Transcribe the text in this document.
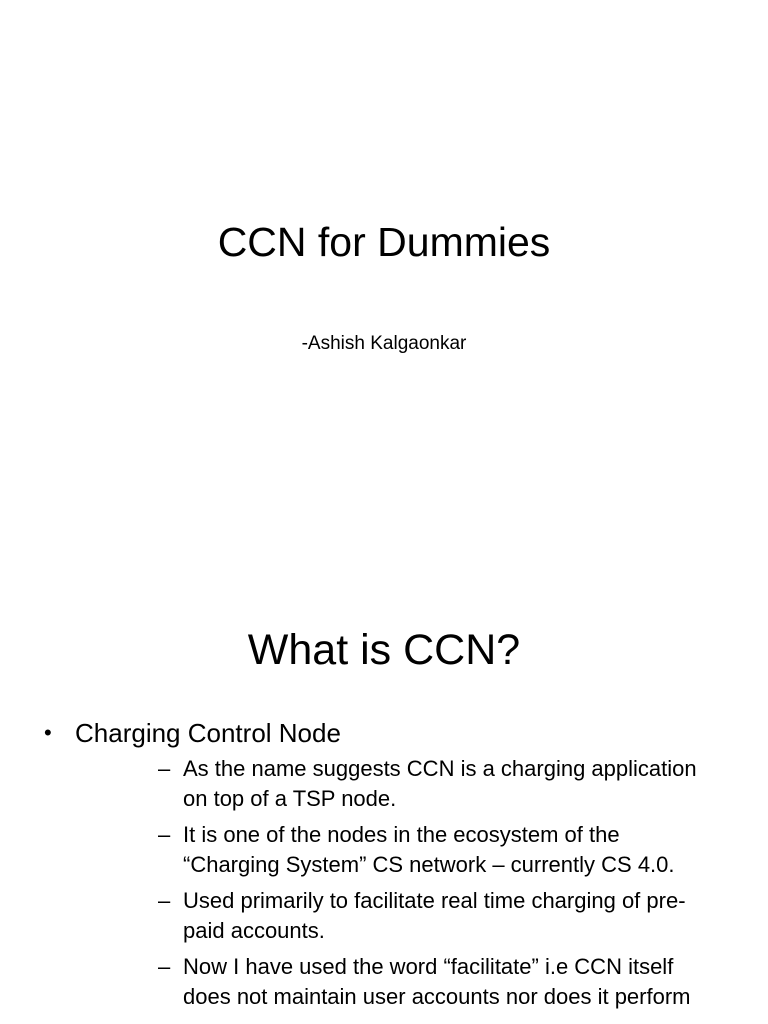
CCN for Dummies
-Ashish Kalgaonkar
What is CCN?
• Charging Control Node
– As the name suggests CCN is a charging application
on top of a TSP node.
– It is one of the nodes in the ecosystem of the
“Charging System” CS network – currently CS 4.0.
– Used primarily to facilitate real time charging of pre-
paid accounts.
– Now I have used the word “facilitate” i.e CCN itself
does not maintain user accounts nor does it perform
